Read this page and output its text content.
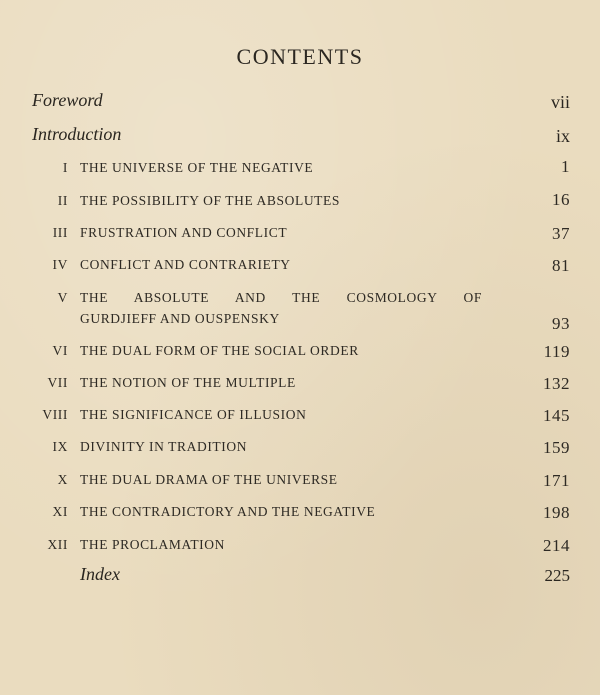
CONTENTS
Foreword	vii
Introduction	ix
I THE UNIVERSE OF THE NEGATIVE	1
II THE POSSIBILITY OF THE ABSOLUTES	16
III FRUSTRATION AND CONFLICT	37
IV CONFLICT AND CONTRARIETY	81
V THE ABSOLUTE AND THE COSMOLOGY OF
GURDJIEFF AND OUSPENSKY	93
VI THE DUAL FORM OF THE SOCIAL ORDER	119
VII THE NOTION OF THE MULTIPLE	132
VIII THE SIGNIFICANCE OF ILLUSION	145
IX DIVINITY IN TRADITION	159
X THE DUAL DRAMA OF THE UNIVERSE	171
XI THE CONTRADICTORY AND THE NEGATIVE	198
XII THE PROCLAMATION	214
Index	225
